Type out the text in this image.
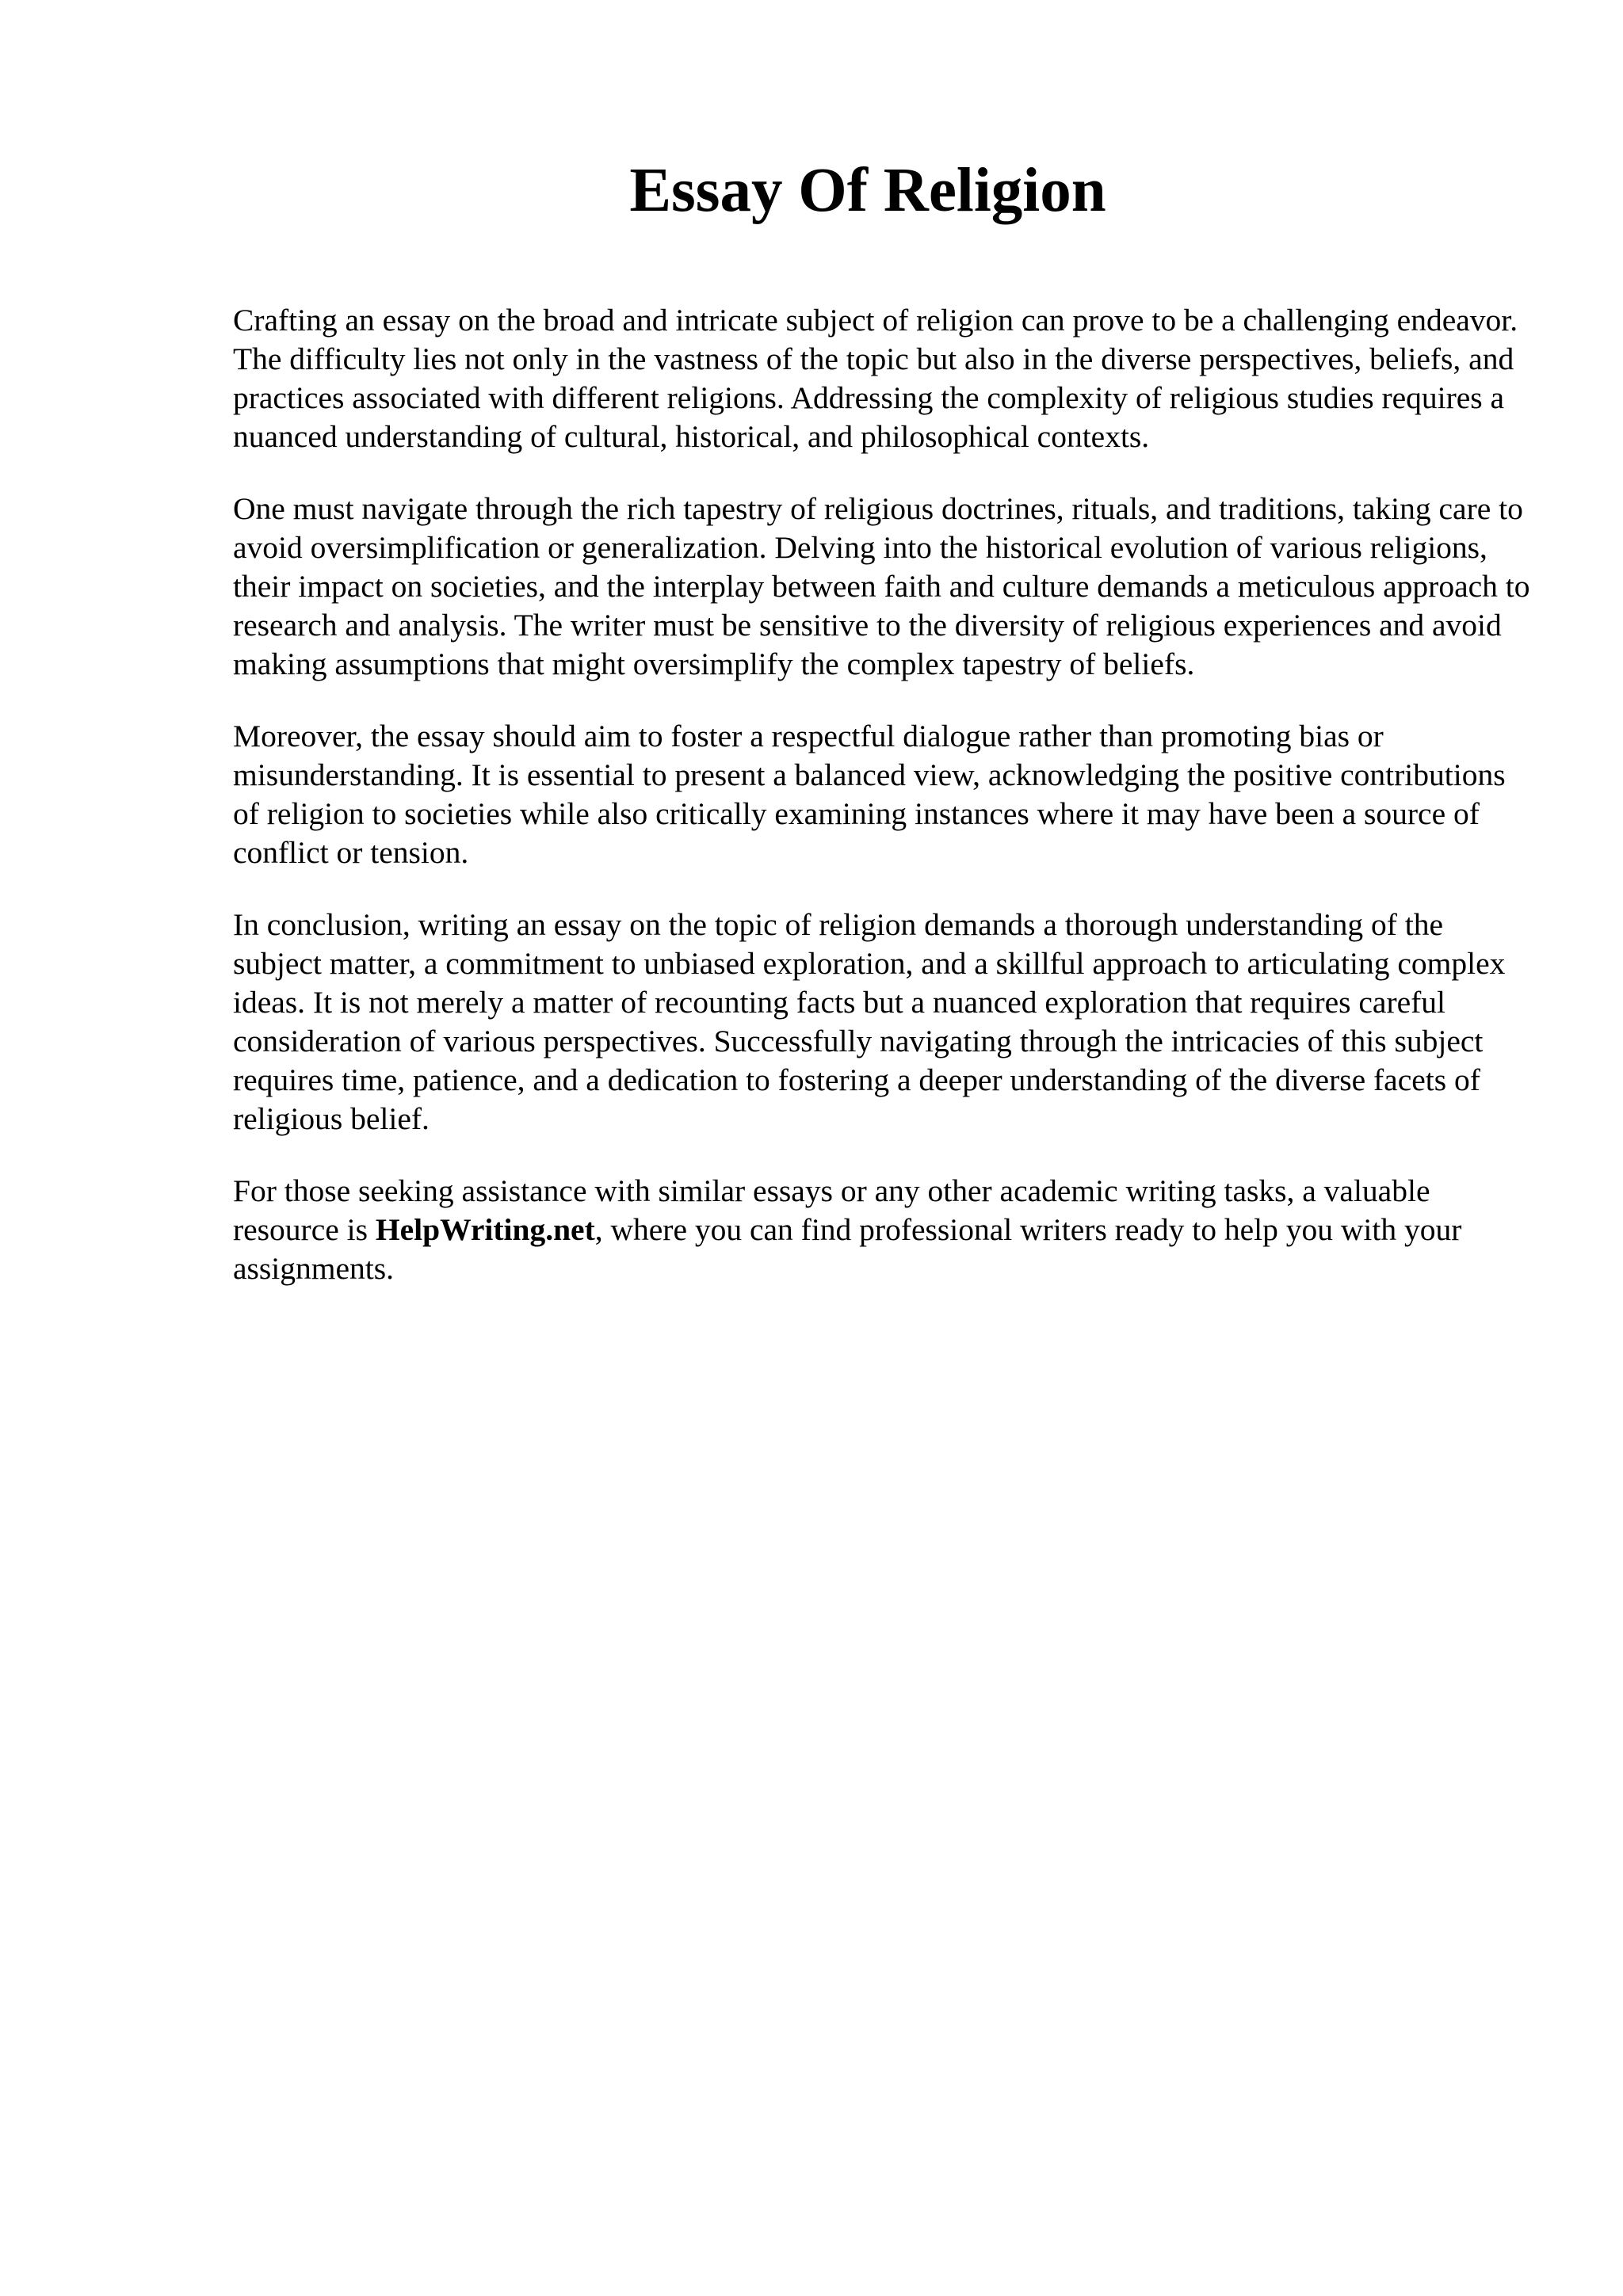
Essay Of Religion

Crafting an essay on the broad and intricate subject of religion can prove to be a challenging endeavor. The difficulty lies not only in the vastness of the topic but also in the diverse perspectives, beliefs, and practices associated with different religions. Addressing the complexity of religious studies requires a nuanced understanding of cultural, historical, and philosophical contexts.

One must navigate through the rich tapestry of religious doctrines, rituals, and traditions, taking care to avoid oversimplification or generalization. Delving into the historical evolution of various religions, their impact on societies, and the interplay between faith and culture demands a meticulous approach to research and analysis. The writer must be sensitive to the diversity of religious experiences and avoid making assumptions that might oversimplify the complex tapestry of beliefs.

Moreover, the essay should aim to foster a respectful dialogue rather than promoting bias or misunderstanding. It is essential to present a balanced view, acknowledging the positive contributions of religion to societies while also critically examining instances where it may have been a source of conflict or tension.

In conclusion, writing an essay on the topic of religion demands a thorough understanding of the subject matter, a commitment to unbiased exploration, and a skillful approach to articulating complex ideas. It is not merely a matter of recounting facts but a nuanced exploration that requires careful consideration of various perspectives. Successfully navigating through the intricacies of this subject requires time, patience, and a dedication to fostering a deeper understanding of the diverse facets of religious belief.

For those seeking assistance with similar essays or any other academic writing tasks, a valuable resource is HelpWriting.net, where you can find professional writers ready to help you with your assignments.
